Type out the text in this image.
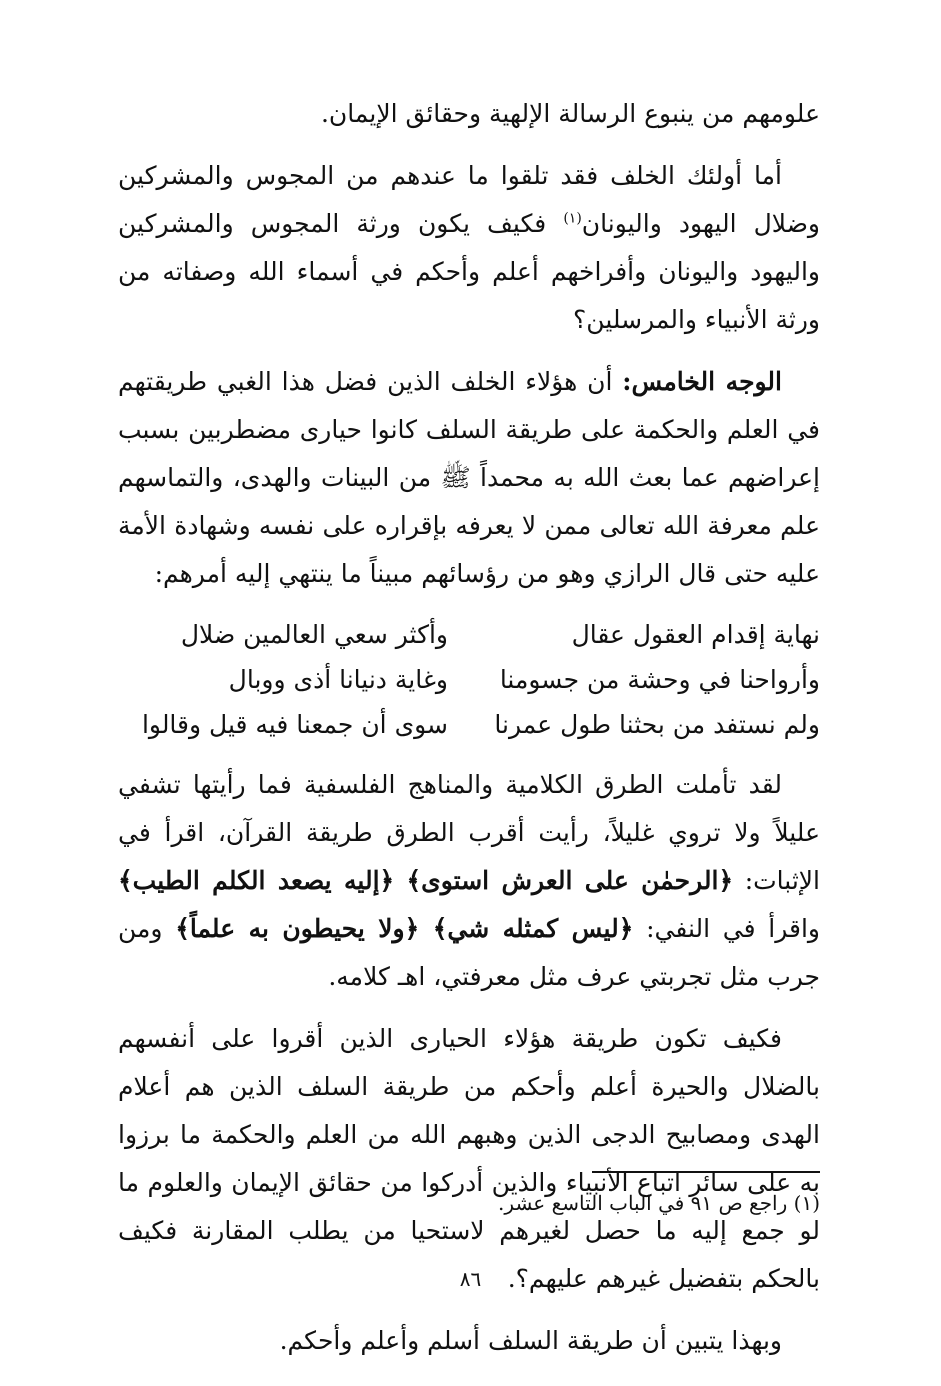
علومهم من ينبوع الرسالة الإلهية وحقائق الإيمان.

أما أولئك الخلف فقد تلقوا ما عندهم من المجوس والمشركين وضلال اليهود واليونان$^{(١)}$ فكيف يكون ورثة المجوس والمشركين واليهود واليونان وأفراخهم أعلم وأحكم في أسماء الله وصفاته من ورثة الأنبياء والمرسلين؟

الوجه الخامس: أن هؤلاء الخلف الذين فضل هذا الغبي طريقتهم في العلم والحكمة على طريقة السلف كانوا حيارى مضطربين بسبب إعراضهم عما بعث الله به محمداً ﷺ من البينات والهدى، والتماسهم علم معرفة الله تعالى ممن لا يعرفه بإقراره على نفسه وشهادة الأمة عليه حتى قال الرازي وهو من رؤسائهم مبيناً ما ينتهي إليه أمرهم:

نهاية إقدام العقول عقال
وأكثر سعي العالمين ضلال
وأرواحنا في وحشة من جسومنا
وغاية دنيانا أذى ووبال
ولم نستفد من بحثنا طول عمرنا
سوى أن جمعنا فيه قيل وقالوا

لقد تأملت الطرق الكلامية والمناهج الفلسفية فما رأيتها تشفي عليلاً ولا تروي غليلاً، رأيت أقرب الطرق طريقة القرآن، اقرأ في الإثبات: ﴿الرحمٰن على العرش استوى﴾ ﴿إليه يصعد الكلم الطيب﴾ واقرأ في النفي: ﴿ليس كمثله شي﴾ ﴿ولا يحيطون به علماً﴾ ومن جرب مثل تجربتي عرف مثل معرفتي، اهـ كلامه.

فكيف تكون طريقة هؤلاء الحيارى الذين أقروا على أنفسهم بالضلال والحيرة أعلم وأحكم من طريقة السلف الذين هم أعلام الهدى ومصابيح الدجى الذين وهبهم الله من العلم والحكمة ما برزوا به على سائر اتباع الأنبياء والذين أدركوا من حقائق الإيمان والعلوم ما لو جمع إليه ما حصل لغيرهم لاستحيا من يطلب المقارنة فكيف بالحكم بتفضيل غيرهم عليهم؟.

وبهذا يتبين أن طريقة السلف أسلم وأعلم وأحكم.

(١) راجع ص ٩١ في الباب التاسع عشر.
٨٦
